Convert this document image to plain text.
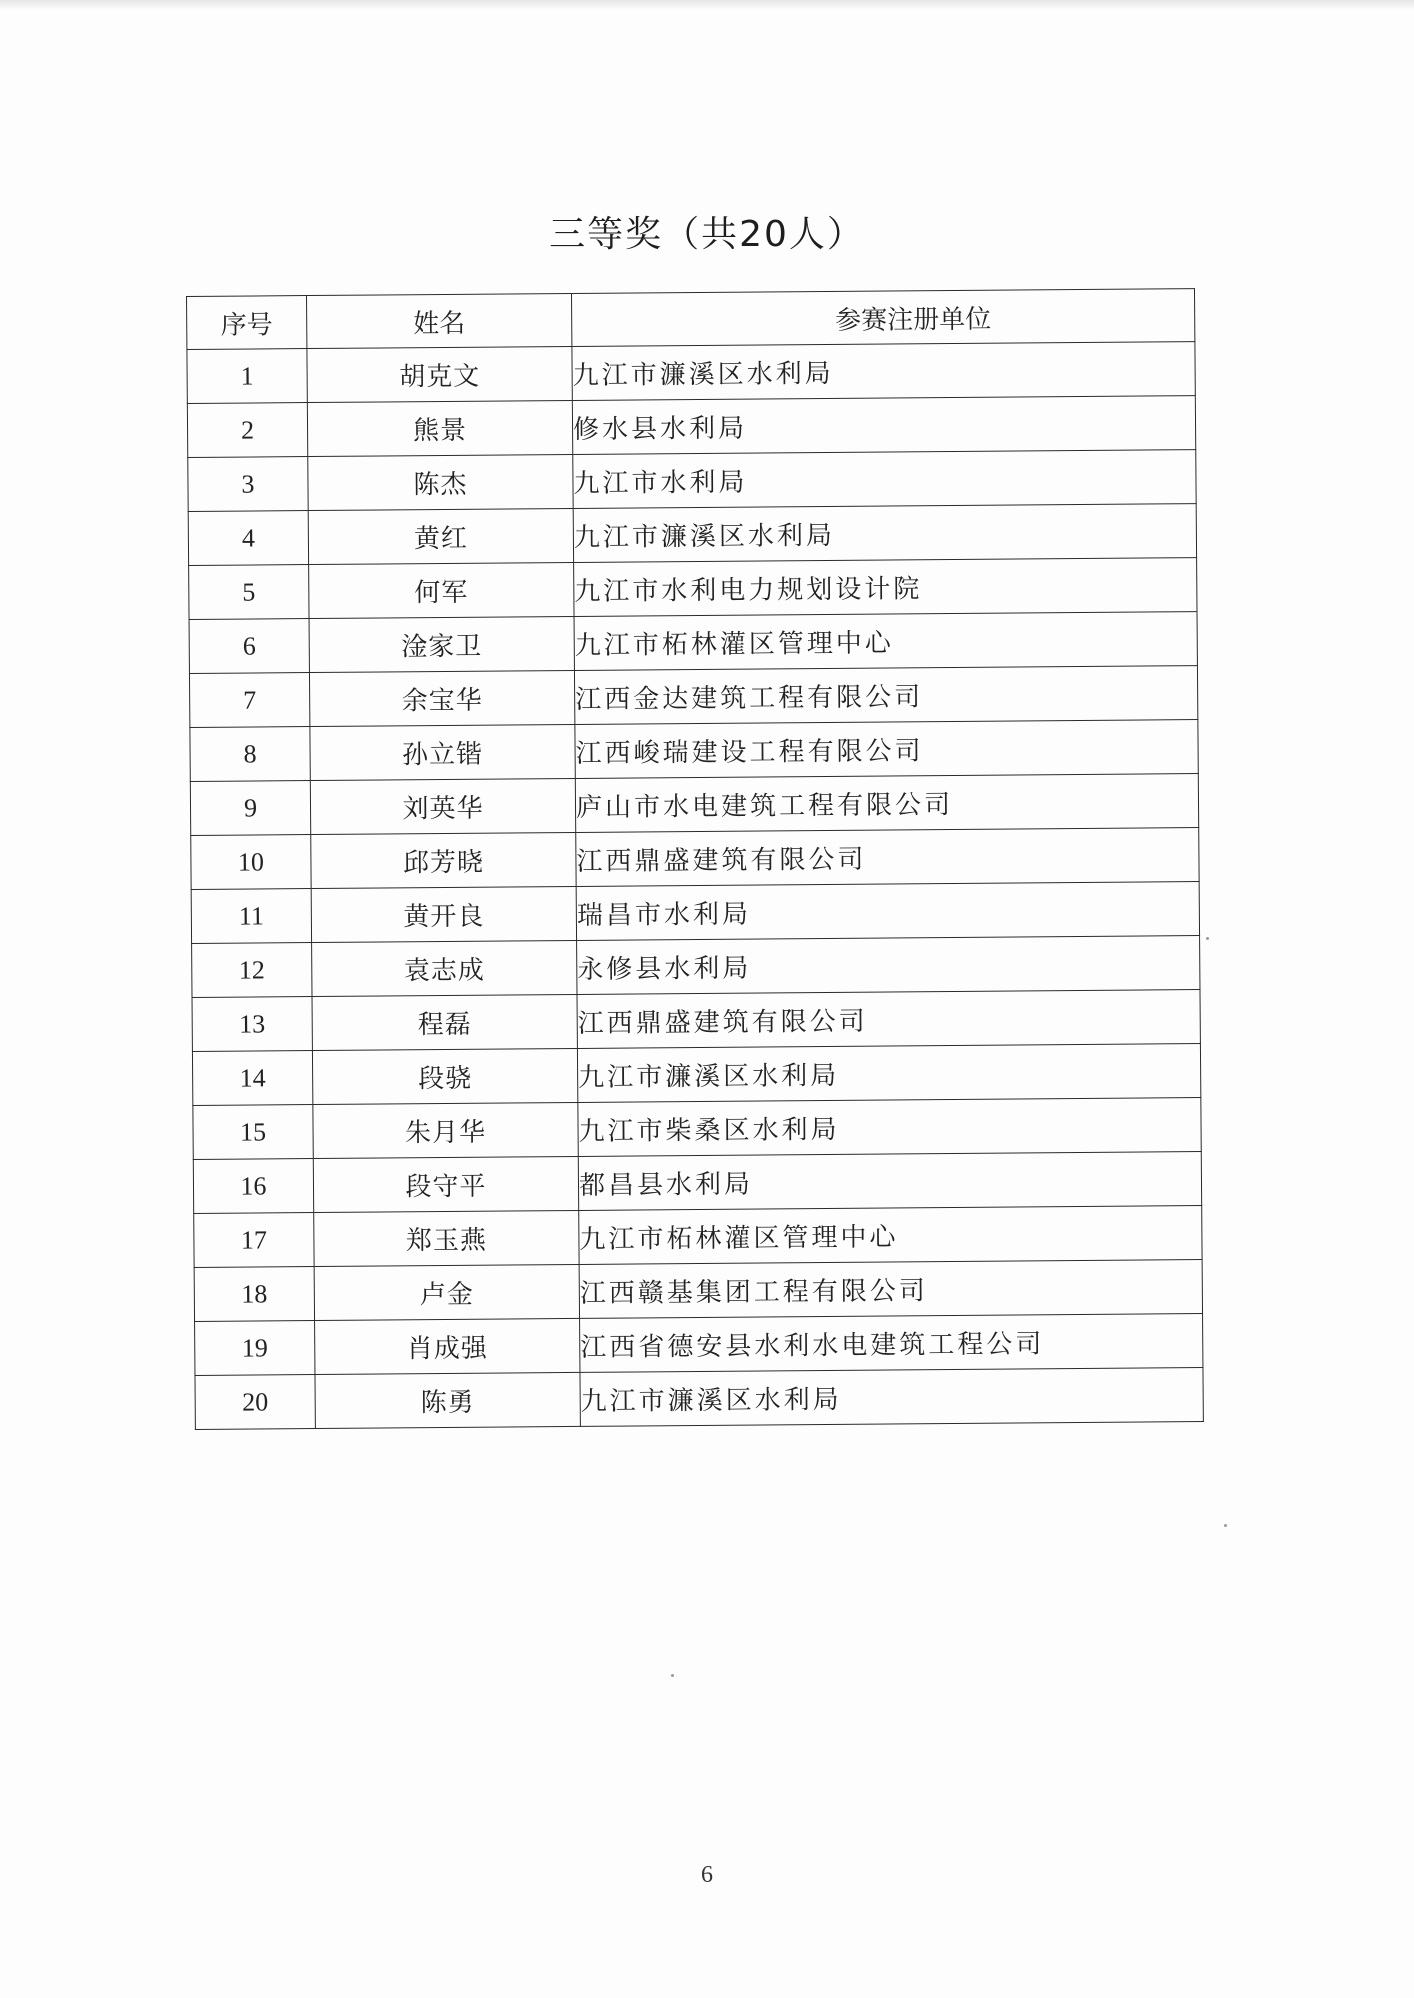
三等奖（共20人）
序号	姓名	参赛注册单位
1	胡克文	九江市濂溪区水利局
2	熊景	修水县水利局
3	陈杰	九江市水利局
4	黄红	九江市濂溪区水利局
5	何军	九江市水利电力规划设计院
6	淦家卫	九江市柘林灌区管理中心
7	余宝华	江西金达建筑工程有限公司
8	孙立锴	江西峻瑞建设工程有限公司
9	刘英华	庐山市水电建筑工程有限公司
10	邱芳晓	江西鼎盛建筑有限公司
11	黄开良	瑞昌市水利局
12	袁志成	永修县水利局
13	程磊	江西鼎盛建筑有限公司
14	段骁	九江市濂溪区水利局
15	朱月华	九江市柴桑区水利局
16	段守平	都昌县水利局
17	郑玉燕	九江市柘林灌区管理中心
18	卢金	江西赣基集团工程有限公司
19	肖成强	江西省德安县水利水电建筑工程公司
20	陈勇	九江市濂溪区水利局
6
